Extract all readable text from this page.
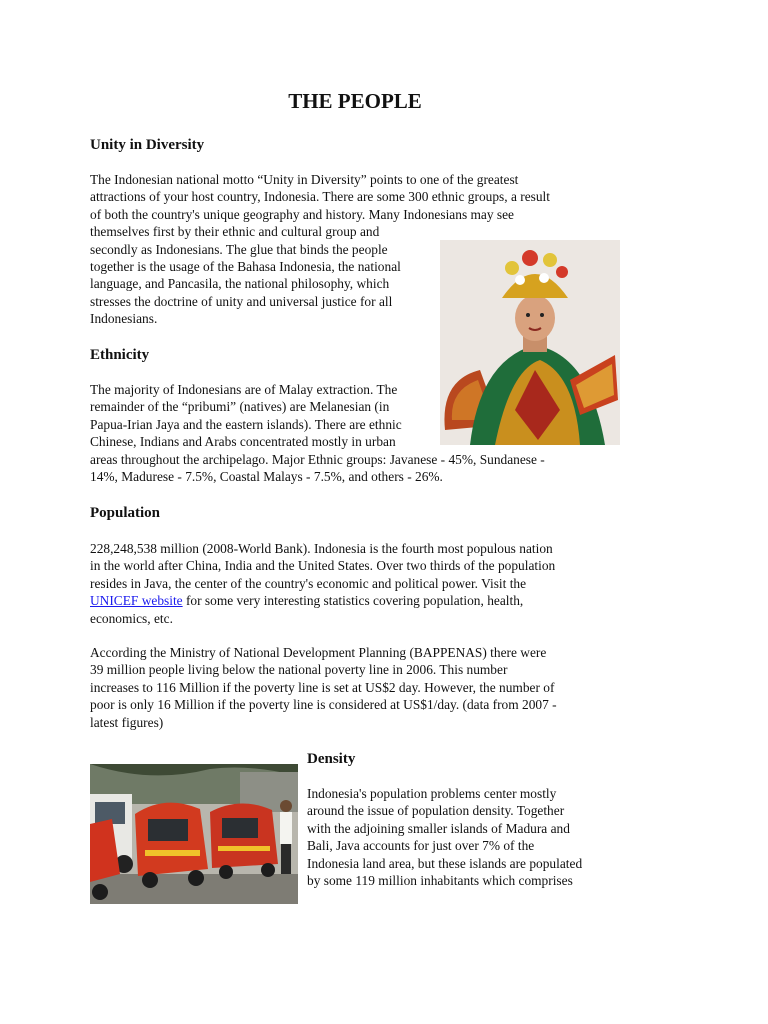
THE PEOPLE
Unity in Diversity

The Indonesian national motto “Unity in Diversity” points to one of the greatest
attractions of your host country, Indonesia. There are some 300 ethnic groups, a result
of both the country's unique geography and history. Many Indonesians may see
themselves first by their ethnic and cultural group and
secondly as Indonesians. The glue that binds the people
together is the usage of the Bahasa Indonesia, the national
language, and Pancasila, the national philosophy, which
stresses the doctrine of unity and universal justice for all
Indonesians.

Ethnicity

The majority of Indonesians are of Malay extraction. The
remainder of the “pribumi” (natives) are Melanesian (in
Papua-Irian Jaya and the eastern islands). There are ethnic
Chinese, Indians and Arabs concentrated mostly in urban
areas throughout the archipelago. Major Ethnic groups: Javanese - 45%, Sundanese -
14%, Madurese - 7.5%, Coastal Malays - 7.5%, and others - 26%.

Population

228,248,538 million (2008-World Bank). Indonesia is the fourth most populous nation
in the world after China, India and the United States. Over two thirds of the population
resides in Java, the center of the country's economic and political power. Visit the
UNICEF website for some very interesting statistics covering population, health,
economics, etc.

According the Ministry of National Development Planning (BAPPENAS) there were
39 million people living below the national poverty line in 2006. This number
increases to 116 Million if the poverty line is set at US$2 day. However, the number of
poor is only 16 Million if the poverty line is considered at US$1/day. (data from 2007 -
latest figures)

Density

Indonesia's population problems center mostly
around the issue of population density. Together
with the adjoining smaller islands of Madura and
Bali, Java accounts for just over 7% of the
Indonesia land area, but these islands are populated
by some 119 million inhabitants which comprises
